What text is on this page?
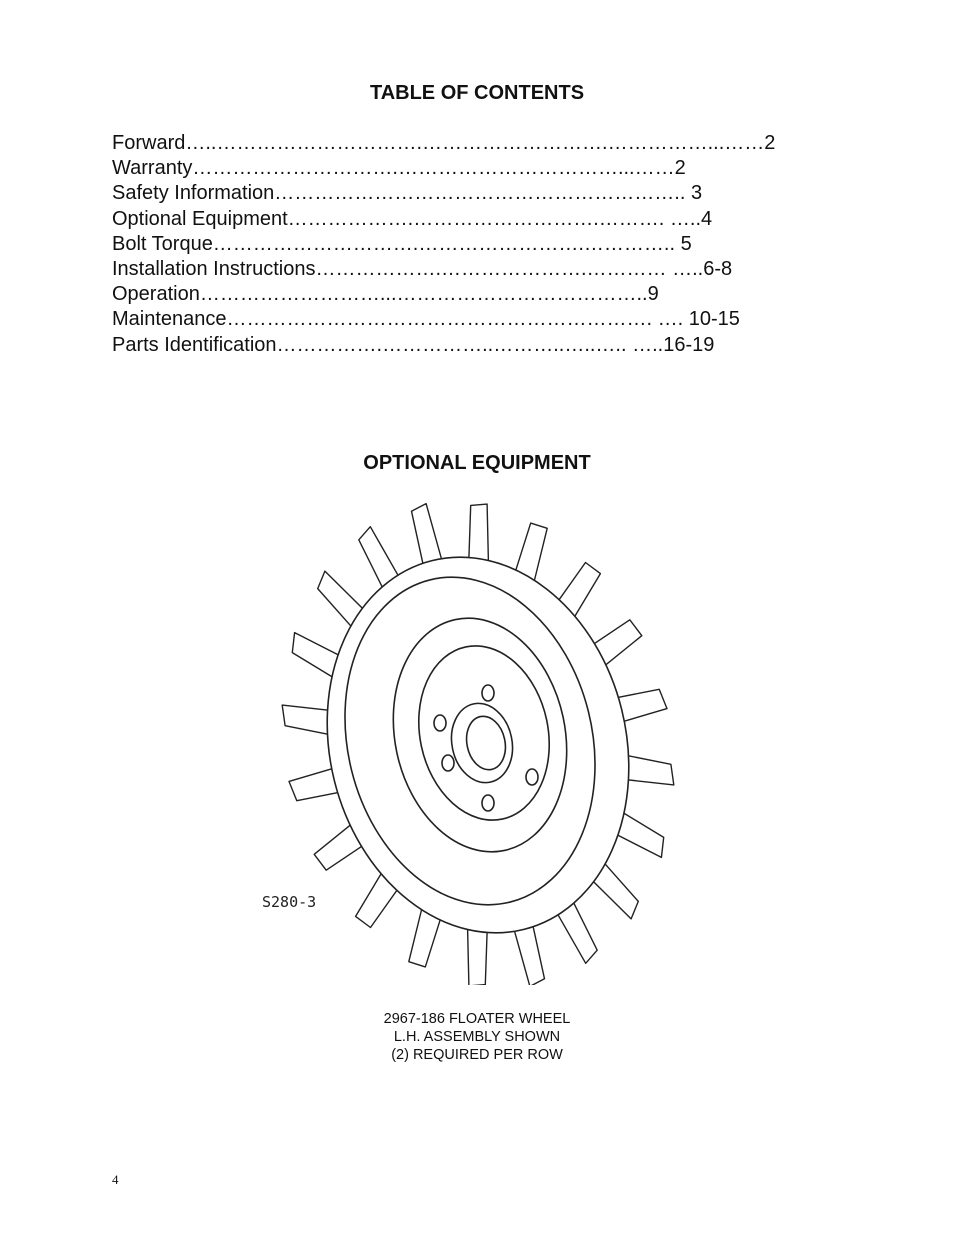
TABLE OF CONTENTS
Forward…..………………………….……………………….……………...……2
Warranty………………………….……………………………...……2
Safety Information…………………………………………………….. 3
Optional Equipment……………….……………………….………. …..4
Bolt Torque………………………….…………………….………….. 5
Installation Instructions……………….………………….………… …..6-8
Operation………………………...………………………………..9
Maintenance………………………………………………………. …. 10-15
Parts Identification…………….……………..………..…..….. …..16-19
OPTIONAL EQUIPMENT
S280-3
2967-186 FLOATER WHEEL
L.H. ASSEMBLY SHOWN
(2) REQUIRED PER ROW
4
